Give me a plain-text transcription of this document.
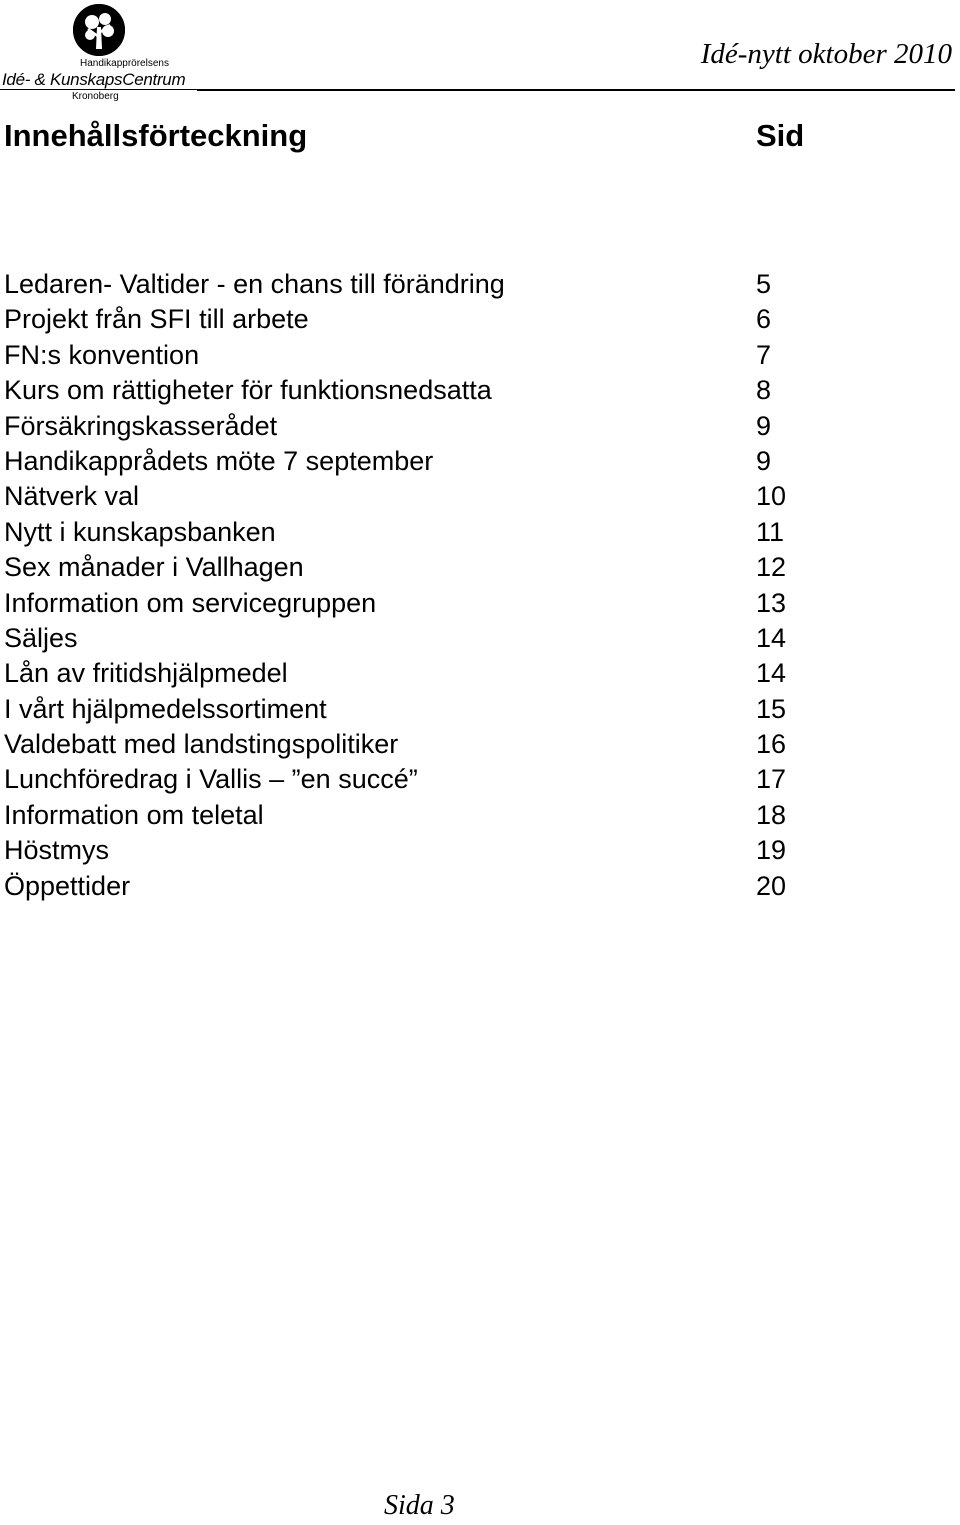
Handikapprörelsens
Idé- & KunskapsCentrum
Kronoberg
Idé-nytt oktober 2010
Innehållsförteckning	Sid
Ledaren- Valtider - en chans till förändring	5
Projekt från SFI till arbete	6
FN:s konvention	7
Kurs om rättigheter för funktionsnedsatta	8
Försäkringskasserådet	9
Handikapprådets möte 7 september	9
Nätverk val	10
Nytt i kunskapsbanken	11
Sex månader i Vallhagen	12
Information om servicegruppen	13
Säljes	14
Lån av fritidshjälpmedel	14
I vårt hjälpmedelssortiment	15
Valdebatt med landstingspolitiker	16
Lunchföredrag i Vallis – ”en succé”	17
Information om teletal	18
Höstmys	19
Öppettider	20
Sida 3
